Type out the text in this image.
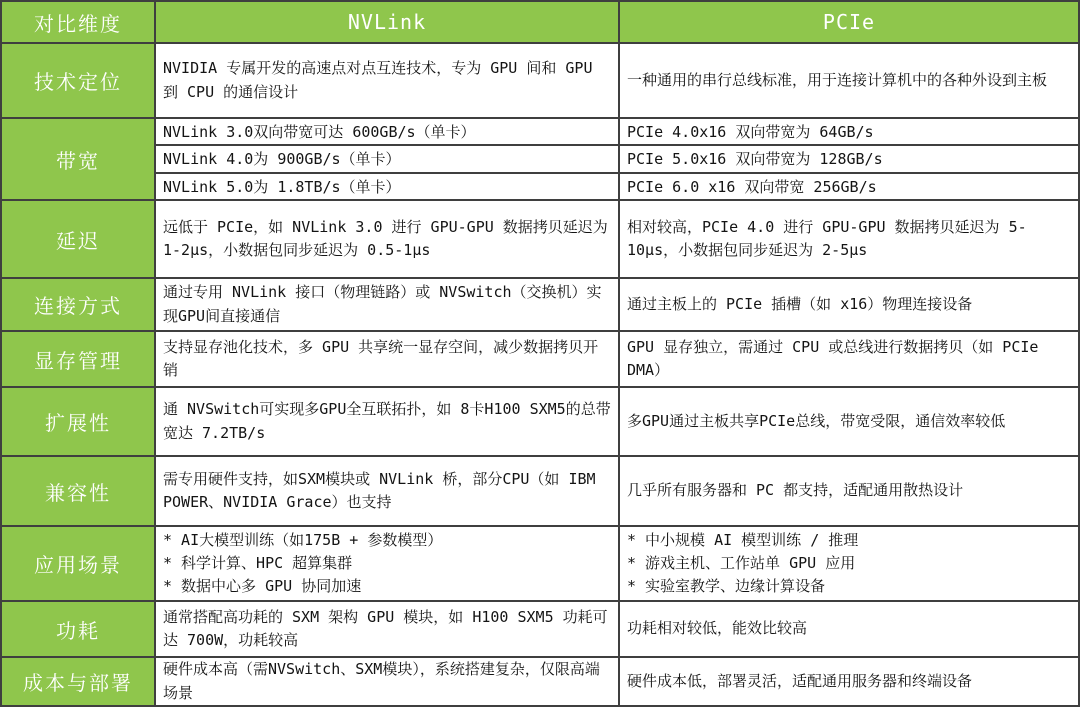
对比维度	NVLink	PCIe
技术定位
NVIDIA 专属开发的高速点对点互连技术，专为 GPU 间和 GPU 到 CPU 的通信设计
一种通用的串行总线标准，用于连接计算机中的各种外设到主板
带宽
NVLink 3.0双向带宽可达 600GB/s（单卡）
NVLink 4.0为 900GB/s（单卡）
NVLink 5.0为 1.8TB/s（单卡）
PCIe 4.0x16 双向带宽为 64GB/s
PCIe 5.0x16 双向带宽为 128GB/s
PCIe 6.0 x16 双向带宽 256GB/s
延迟
远低于 PCIe，如 NVLink 3.0 进行 GPU-GPU 数据拷贝延迟为 1-2μs，小数据包同步延迟为 0.5-1μs
相对较高，PCIe 4.0 进行 GPU-GPU 数据拷贝延迟为 5-10μs，小数据包同步延迟为 2-5μs
连接方式
通过专用 NVLink 接口（物理链路）或 NVSwitch（交换机）实现GPU间直接通信
通过主板上的 PCIe 插槽（如 x16）物理连接设备
显存管理
支持显存池化技术，多 GPU 共享统一显存空间，减少数据拷贝开销
GPU 显存独立，需通过 CPU 或总线进行数据拷贝（如 PCIe DMA）
扩展性
通 NVSwitch可实现多GPU全互联拓扑，如 8卡H100 SXM5的总带宽达 7.2TB/s
多GPU通过主板共享PCIe总线，带宽受限，通信效率较低
兼容性
需专用硬件支持，如SXM模块或 NVLink 桥，部分CPU（如 IBM POWER、NVIDIA Grace）也支持
几乎所有服务器和 PC 都支持，适配通用散热设计
应用场景
* AI大模型训练（如175B + 参数模型）
* 科学计算、HPC 超算集群
* 数据中心多 GPU 协同加速
* 中小规模 AI 模型训练 / 推理
* 游戏主机、工作站单 GPU 应用
* 实验室教学、边缘计算设备
功耗
通常搭配高功耗的 SXM 架构 GPU 模块，如 H100 SXM5 功耗可达 700W，功耗较高
功耗相对较低，能效比较高
成本与部署
硬件成本高（需NVSwitch、SXM模块），系统搭建复杂，仅限高端场景
硬件成本低，部署灵活，适配通用服务器和终端设备
